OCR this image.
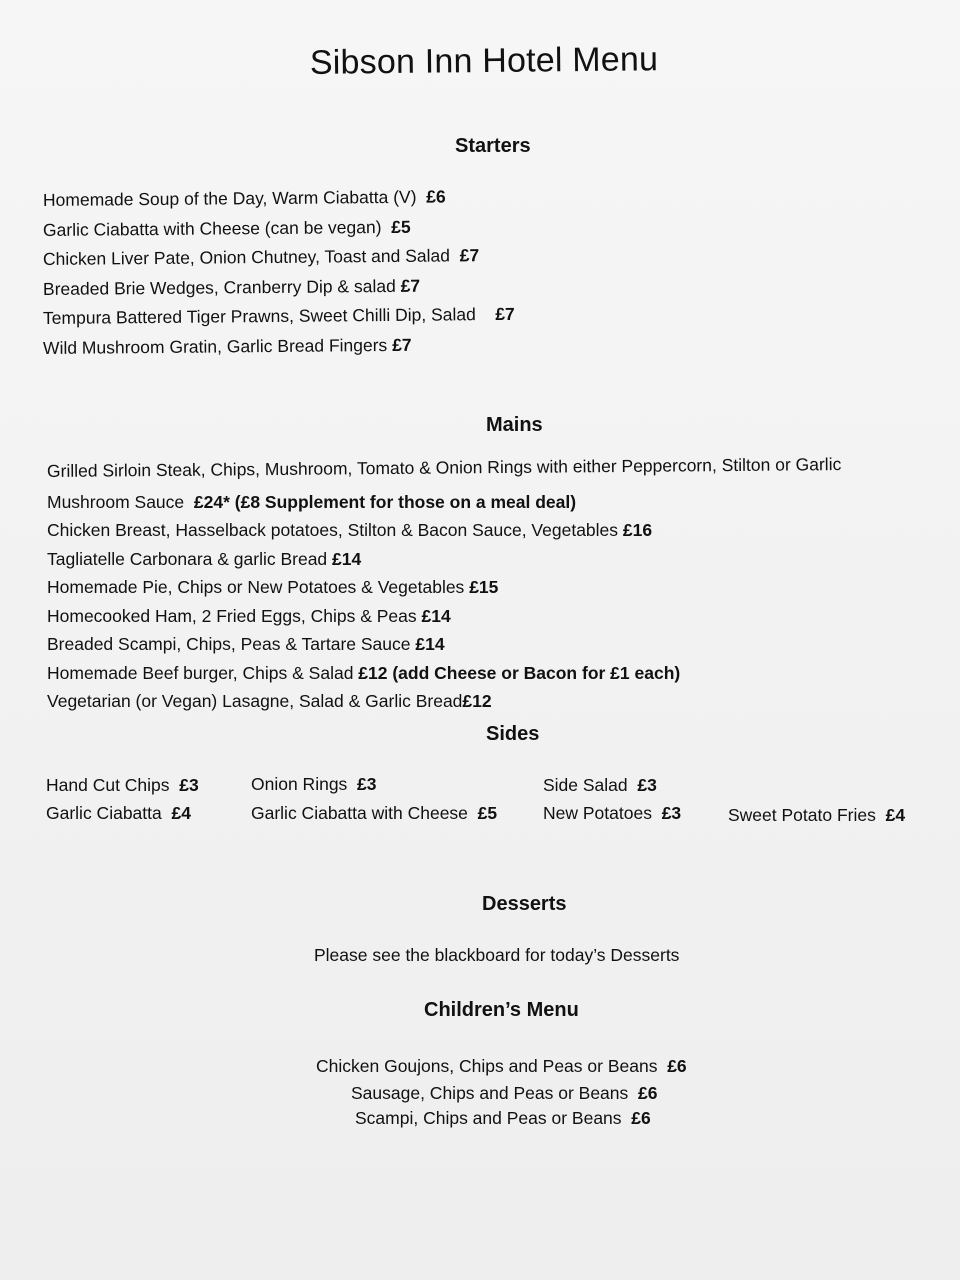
Sibson Inn Hotel Menu
Starters
Homemade Soup of the Day, Warm Ciabatta (V) £6
Garlic Ciabatta with Cheese (can be vegan) £5
Chicken Liver Pate, Onion Chutney, Toast and Salad £7
Breaded Brie Wedges, Cranberry Dip & salad £7
Tempura Battered Tiger Prawns, Sweet Chilli Dip, Salad £7
Wild Mushroom Gratin, Garlic Bread Fingers £7
Mains
Grilled Sirloin Steak, Chips, Mushroom, Tomato & Onion Rings with either Peppercorn, Stilton or Garlic
Mushroom Sauce £24* (£8 Supplement for those on a meal deal)
Chicken Breast, Hasselback potatoes, Stilton & Bacon Sauce, Vegetables £16
Tagliatelle Carbonara & garlic Bread £14
Homemade Pie, Chips or New Potatoes & Vegetables £15
Homecooked Ham, 2 Fried Eggs, Chips & Peas £14
Breaded Scampi, Chips, Peas & Tartare Sauce £14
Homemade Beef burger, Chips & Salad £12 (add Cheese or Bacon for £1 each)
Vegetarian (or Vegan) Lasagne, Salad & Garlic Bread£12
Sides
Hand Cut Chips £3	Onion Rings £3	Side Salad £3
Garlic Ciabatta £4	Garlic Ciabatta with Cheese £5	New Potatoes £3	Sweet Potato Fries £4
Desserts
Please see the blackboard for today’s Desserts
Children’s Menu
Chicken Goujons, Chips and Peas or Beans £6
Sausage, Chips and Peas or Beans £6
Scampi, Chips and Peas or Beans £6
